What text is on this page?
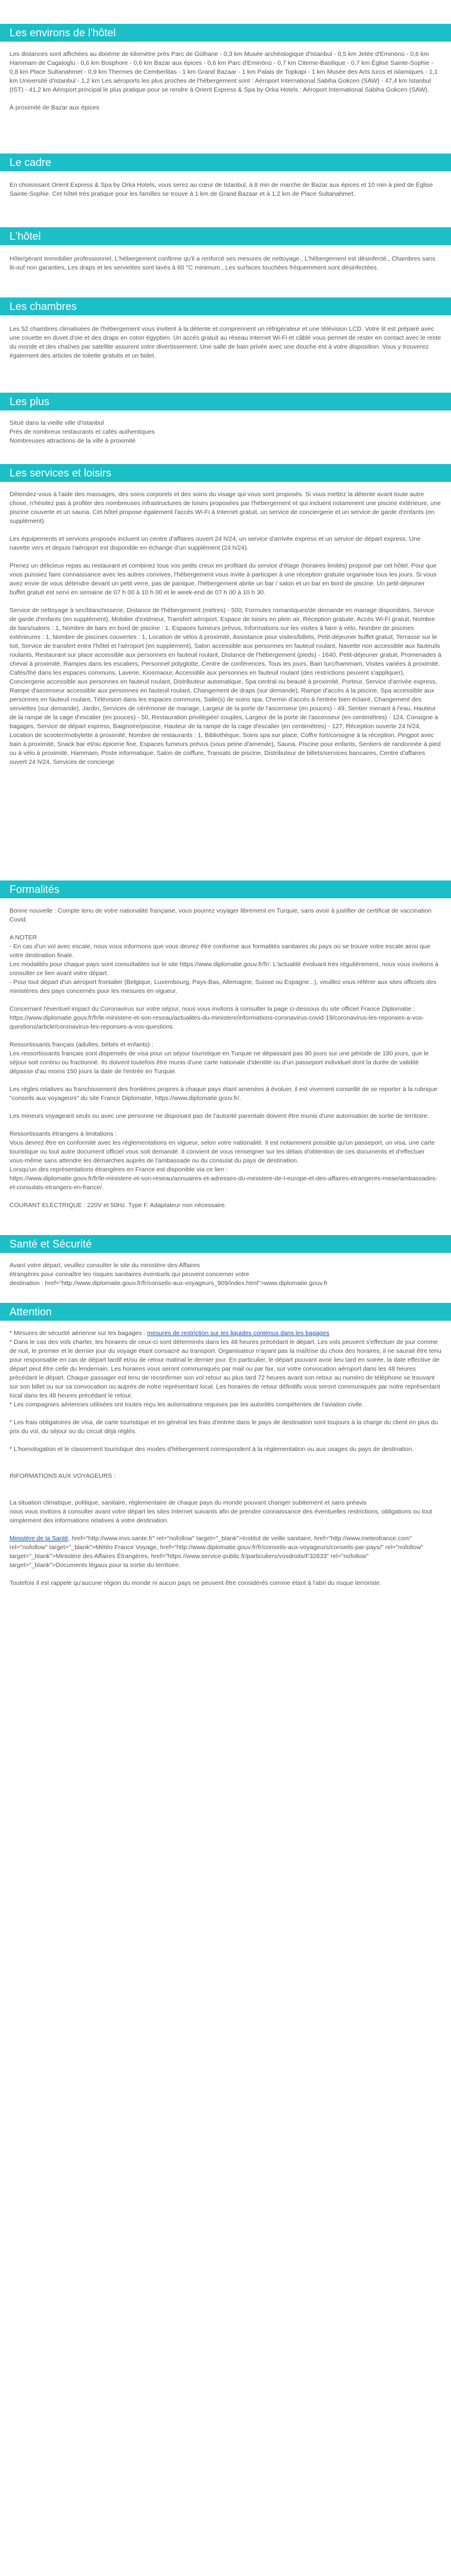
Les environs de l'hôtel

Les distances sont affichées au dixième de kilomètre près Parc de Gülhane - 0,3 km Musée archéologique d'Istanbul - 0,5 km Jetée d'Eminönü - 0,6 km Hammam de Cagaloglu - 0,6 km Bosphore - 0,6 km Bazar aux épices - 0,6 km Parc d'Eminönü - 0,7 km Citerne-Basilique - 0,7 km Église Sainte-Sophie - 0,8 km Place Sultanahmet - 0,9 km Thermes de Cemberlitas - 1 km Grand Bazaar - 1 km Palais de Topkapi - 1 km Musée des Arts turcs et islamiques - 1,1 km Université d'Istanbul - 1,2 km Les aéroports les plus proches de l'hébergement sont : Aéroport International Sabiha Gokcen (SAW) - 47,4 km Istanbul (IST) - 41,2 km Aéroport principal le plus pratique pour se rendre à Orient Express & Spa by Orka Hotels : Aéroport International Sabiha Gokcen (SAW).

À proximité de Bazar aux épices

Le cadre

En choisissant Orient Express & Spa by Orka Hotels, vous serez au cœur de Istanbul, à 8 min de marche de Bazar aux épices et 10 min à pied de Église Sainte-Sophie. Cet hôtel très pratique pour les familles se trouve à 1 km de Grand Bazaar et à 1,2 km de Place Sultanahmet.

L'hôtel

Hôte/gérant immobilier professionnel, L'hébergement confirme qu'il a renforcé ses mesures de nettoyage., L'hébergement est désinfecté., Chambres sans lit-ouf non garanties, Les draps et les serviettes sont lavés à 60 °C minimum., Les surfaces touchées fréquemment sont désinfectées.

Les chambres

Les 52 chambres climatisées de l'hébergement vous invitent à la détente et comprennent un réfrigérateur et une télévision LCD. Votre lit est préparé avec une couette en duvet d'oie et des draps en coton égyptien. Un accès gratuit au réseau Internet Wi-Fi et câblé vous permet de rester en contact avec le reste du monde et des chaînes par satellite assurent votre divertissement. Une salle de bain privée avec une douche est à votre disposition. Vous y trouverez également des articles de toilette gratuits et un bidet.

Les plus

Situé dans la vieille ville d'Istanbul

Près de nombreux restaurants et cafés authentiques

Nombreuses attractions de la ville à proximité

Les services et loisirs

Détendez-vous à l'aide des massages, des soins corporels et des soins du visage qui vous sont proposés. Si vous mettez la détente avant toute autre chose, n'hésitez pas à profiter des nombreuses infrastructures de loisirs proposées par l'hébergement et qui incluent notamment une piscine extérieure, une piscine couverte et un sauna. Cet hôtel propose également l'accès Wi-Fi à Internet gratuit, un service de conciergerie et un service de garde d'enfants (en supplément).

Les équipements et services proposés incluent un centre d'affaires ouvert 24 h/24, un service d'arrivée express et un service de départ express. Une navette vers et depuis l'aéroport est disponible en échange d'un supplément (24 h/24).

Prenez un délicieux repas au restaurant et combinez tous vos petits creux en profitant du service d'étage (horaires limités) proposé par cet hôtel. Pour que vous puissiez faire connaissance avec les autres convives, l'hébergement vous invite à participer à une réception gratuite organisée tous les jours. Si vous avez envie de vous détendre devant un petit verre, pas de panique, l'hébergement abrite un bar / salon et un bar en bord de piscine. Un petit-déjeuner buffet gratuit est servi en semaine de 07 h 00 à 10 h 00 et le week-end de 07 h 00 à 10 h 30.

Service de nettoyage à sec/blanchisserie, Distance de l'hébergement (mètres) - 500, Formules romantiques/de demande en mariage disponibles, Service de garde d'enfants (en supplément), Mobilier d'extérieur, Transfert aéroport, Espace de loisirs en plein air, Réception gratuite, Accès Wi-Fi gratuit, Nombre de bars/salons : 1, Nombre de bars en bord de piscine : 1, Espaces fumeurs prévus, Informations sur les visites à faire à vélo, Nombre de piscines extérieures : 1, Nombre de piscines couvertes : 1, Location de vélos à proximité, Assistance pour visites/billets, Petit-déjeuner buffet gratuit, Terrasse sur le toit, Service de transfert entre l'hôtel et l'aéroport (en supplément), Salon accessible aux personnes en fauteuil roulant, Navette non accessible aux fauteuils roulants, Restaurant sur place accessible aux personnes en fauteuil roulant, Distance de l'hébergement (pieds) - 1640, Petit-déjeuner gratuit, Promenades à cheval à proximité, Rampes dans les escaliers, Personnel polyglotte, Centre de conférences, Tous les jours, Bain turc/hammam, Visites variées à proximité, Cafés/thé dans les espaces communs, Laverie, Kiosmaour, Accessible aux personnes en fauteuil roulant (des restrictions peuvent s'appliquer), Conciergerie accessible aux personnes en fauteuil roulant, Distributeur automatique, Spa central ou beauté à proximité, Porteur, Service d'arrivée express, Rampe d'ascenseur accessible aux personnes en fauteuil roulant, Changement de draps (sur demande), Rampe d'accès à la piscine, Spa accessible aux personnes en fauteuil roulant, Télévision dans les espaces communs, Salle(s) de soins spa, Chemin d'accès à l'entrée bien éclairé, Changement des serviettes (sur demande), Jardin, Services de cérémonie de mariage, Largeur de la porte de l'ascenseur (en pouces) - 49, Sentier menant à l'eau, Hauteur de la rampe de la cage d'escalier (en pouces) - 50, Restauration privilégiée/ couples, Largeur de la porte de l'ascenseur (en centimètres) - 124, Consigne à bagages, Service de départ express, Baignoire/piscine, Hauteur de la rampe de la cage d'escalier (en centimètres) - 127, Réception ouverte 24 h/24, Location de scooter/mobylette à proximité, Nombre de restaurants : 1, Bibliothèque, Soins spa sur place, Coffre fort/consigne à la réception, Pingpot avec bain à proximité, Snack bar et/ou épicerie fine, Espaces fumeurs prévus (sous peine d'amende), Sauna, Piscine pour enfants, Sentiers de randonnée à pied ou à vélo à proximité, Hammam, Poste informatique, Salon de coiffure, Transats de piscine, Distributeur de billets/services bancaires, Centre d'affaires ouvert 24 h/24, Services de concierge

Formalités

Bonne nouvelle : Compte tenu de votre nationalité française, vous pourrez voyager librement en Turquie, sans avoir à justifier de certificat de vaccination Covid.

A NOTER

- En cas d'un vol avec escale, nous vous informons que vous devrez être conforme aux formalités sanitaires du pays où se trouve votre escale ainsi que votre destination finale.

Les modalités pour chaque pays sont consultables sur le site https://www.diplomatie.gouv.fr/fr/. L'actualité évoluant très régulièrement, nous vous invitons à consulter ce lien avant votre départ.

- Pour tout départ d'un aéroport frontalier (Belgique, Luxembourg, Pays-Bas, Allemagne, Suisse ou Espagne...), veuillez vous référer aux sites officiels des ministères des pays concernés pour les mesures en vigueur.

Concernant l'éventuel impact du Coronavirus sur votre séjour, nous vous invitons à consulter la page ci-dessous du site officiel France Diplomatie :

https://www.diplomatie.gouv.fr/fr/le-ministere-et-son-reseau/actualites-du-ministere/informations-coronavirus-covid-19/coronavirus-les-reponses-a-vos-questions/article/coronavirus-les-reponses-a-vos-questions

Ressortissants français (adultes, bébés et enfants) :

Les ressortissants français sont dispensés de visa pour un séjour touristique en Turquie ne dépassant pas 90 jours sur une période de 180 jours, que le séjour soit continu ou fractionné. Ils doivent toutefois être munis d'une carte nationale d'identité ou d'un passeport individuel dont la durée de validité dépasse d'au moins 150 jours la date de l'entrée en Turquie.

Les règles relatives au franchissement des frontières propres à chaque pays étant amenées à évoluer, il est vivement conseillé de se reporter à la rubrique "conseils aux voyageurs" du site France Diplomatie, https://www.diplomatie.gouv.fr/.

Les mineurs voyageant seuls ou avec une personne ne disposant pas de l'autorité parentale doivent être munis d'une autorisation de sortie de territoire.

Ressortissants étrangers à limitations :

Vous devrez être en conformité avec les réglementations en vigueur, selon votre nationalité. Il est notamment possible qu'un passeport, un visa, une carte touristique ou tout autre document officiel vous soit demandé. Il convient de vous renseigner sur les délais d'obtention de ces documents et d'effectuer vous-même sans attendre les démarches auprès de l'ambassade ou du consulat du pays de destination.

Lorsqu'un des représentations étrangères en France est disponible via ce lien :

https://www.diplomatie.gouv.fr/fr/le-ministere-et-son-reseau/annuaires-et-adresses-du-ministere-de-l-europe-et-des-affaires-etrangeres-meae/ambassades-et-consulats-etrangers-en-france/.

COURANT ELECTRIQUE : 220V et 50Hz. Type F. Adaptateur non nécessaire.

Santé et Sécurité

Avant votre départ, veuillez consulter le site du ministère des Affaires

étrangères pour connaître les risques sanitaires éventuels qui peuvent concerner votre

destination : href="http://www.diplomatie.gouv.fr/fr/conseils-aux-voyageurs_909/index.html">www.diplomatie.gouv.fr

Attention

* Mesures de sécurité aérienne sur les bagages : mesures de restriction sur les liquides contenus dans les bagages

* Dans le cas des vols charter, les horaires de ceux-ci sont déterminés dans les 48 heures précédant le départ. Les vols peuvent s'effectuer de jour comme de nuit, le premier et le dernier jour du voyage étant consacré au transport. Organisateur n'ayant pas la maîtrise du choix des horaires, il ne saurait être tenu pour responsable en cas de départ tardif et/ou de retour matinal le dernier jour. En particulier, le départ pouvant avoir lieu tard en soirée, la date effective de départ peut être celle du lendemain. Les horaires vous seront communiqués par mail ou par fax, sur votre convocation aéroport dans les 48 heures précédant le départ. Chaque passager est tenu de reconfirmer son vol retour au plus tard 72 heures avant son retour au numéro de téléphone se trouvant sur son billet ou sur sa convocation ou auprès de notre représentant local. Les horaires de retour définitifs vous seront communiqués par notre représentant local dans les 48 heures précédant le retour.

* Les compagnies aériennes utilisées ont toutes reçu les autorisations requises par les autorités compétentes de l'aviation civile.

* Les frais obligatoires de visa, de carte touristique et en général les frais d'entrée dans le pays de destination sont toujours à la charge du client en plus du prix du vol, du séjour ou du circuit déjà réglés.

* L'homologation et le classement touristique des modes d'hébergement correspondent à la réglementation ou aux usages du pays de destination.

INFORMATIONS AUX VOYAGEURS :

La situation climatique, politique, sanitaire, réglementaire de chaque pays du monde pouvant changer subitement et sans préavis

nous vous invitons à consulter avant votre départ les sites Internet suivants afin de prendre connaissance des éventuelles restrictions, obligations ou tout simplement des informations relatives à votre destination.

Ministère de la Santé, href="http://www.invs.sante.fr" rel="nofollow" target="_blank">Institut de veille sanitaire, href="http://www.meteofrance.com" rel="nofollow" target="_blank">Météo France Voyage, href="http://www.diplomatie.gouv.fr/fr/conseils-aux-voyageurs/conseils-par-pays/" rel="nofollow" target="_blank">Ministère des Affaires Étrangères, href="https://www.service-public.fr/particuliers/vosdroits/F32833" rel="nofollow" target="_blank">Documents légaux pour la sortie du territoire.

Toutefois il est rappelé qu'aucune région du monde ni aucun pays ne peuvent être considérés comme étant à l'abri du risque terroriste.
